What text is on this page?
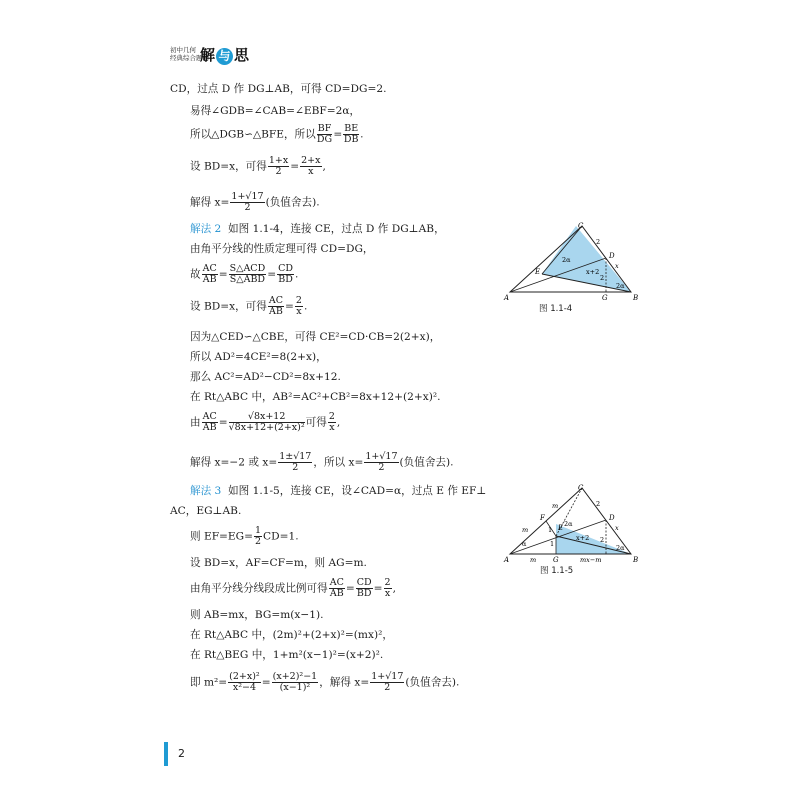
初中几何
经典综合题的
解 与 思
CD，过点 D 作 DG⊥AB，可得 CD=DG=2.
易得∠GDB=∠CAB=∠EBF=2α，
所以△DGB∽△BFE，所以 $\frac{BF}{DG} = \frac{BE}{DB}$ .
设 BD=x，可得 $\frac{1+x}{2} = \frac{2+x}{x}$ ,
解得 $x= \frac{1+√17}{2}$ (负值舍去).
解法 2 如图 1.1-4，连接 CE，过点 D 作 DG⊥AB，
由角平分线的性质定理可得 CD=DG，
故 $\frac{AC}{AB} = \frac{\text{S△ACD}}{\text{S△ABD}} = \frac{CD}{BD}$ .
设 BD=x，可得 $\frac{AC}{AB} = \frac{2}{x}$ .
因为△CED∽△CBE，可得 CE²=CD·CB=2(2+x)，
所以 AD²=4CE²=8(2+x)，
那么 AC²=AD²−CD²=8x+12.
在 Rt△ABC 中，AB²=AC²+CB²=8x+12+(2+x)².
由 $\frac{AC}{AB} = \frac{√8x+12}{\text{√8x+12+(2+x)²}}$ 可得 $\frac{2}{x}$ ,
解得 x=−2 或 $x= \frac{1\pm√17}{2}$ ，所以 $x= \frac{1+√17}{2}$ (负值舍去).
解法 3 如图 1.1-5，连接 CE，设∠CAD=α，过点 E 作 EF⊥
AC，EG⊥AB.
则 $EF=EG= \frac{1}{2} CD=1$.
设 BD=x，AF=CF=m，则 AG=m.
由角平分线分线段成比例可得 $\frac{AC}{AB} = \frac{CD}{BD} = \frac{2}{x}$ ,
则 AB=mx，BG=m(x−1).
在 Rt△ABC 中，(2m)²+(2+x)²=(mx)²，
在 Rt△BEG 中，1+m²(x−1)²=(x+2)².
即 $m^2= \frac{\text{(2+x)²}}{\text{x²−4}} = \frac{\text{(x+2)²−1}}{\text{(x−1)²}}$ ，解得 $x= \frac{1+√17}{2}$ (负值舍去).
C
E
D
A	G	B
2
2α
x+2
x
2
2α
图 1.1-4
C
F
E
D
A	G	B
m
m
m
1
1
2
α
2α
x+2
x
mx−m
2
2α
图 1.1-5
2
